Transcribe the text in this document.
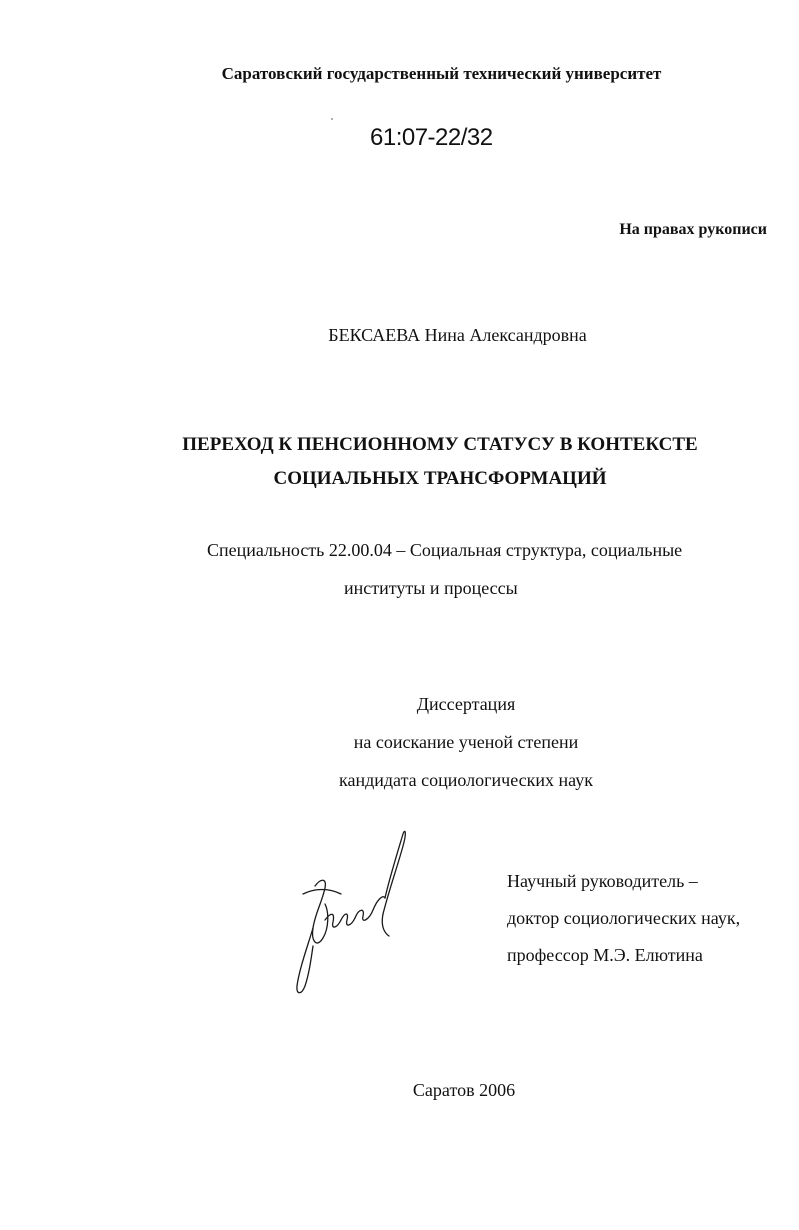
Саратовский государственный технический университет
61:07-22/32
На правах рукописи
БЕКСАЕВА Нина Александровна
ПЕРЕХОД К ПЕНСИОННОМУ СТАТУСУ В КОНТЕКСТЕ
СОЦИАЛЬНЫХ ТРАНСФОРМАЦИЙ
Специальность 22.00.04 – Социальная структура, социальные
институты и процессы
Диссертация
на соискание ученой степени
кандидата социологических наук
Научный руководитель –
доктор социологических наук,
профессор М.Э. Елютина
Саратов 2006
